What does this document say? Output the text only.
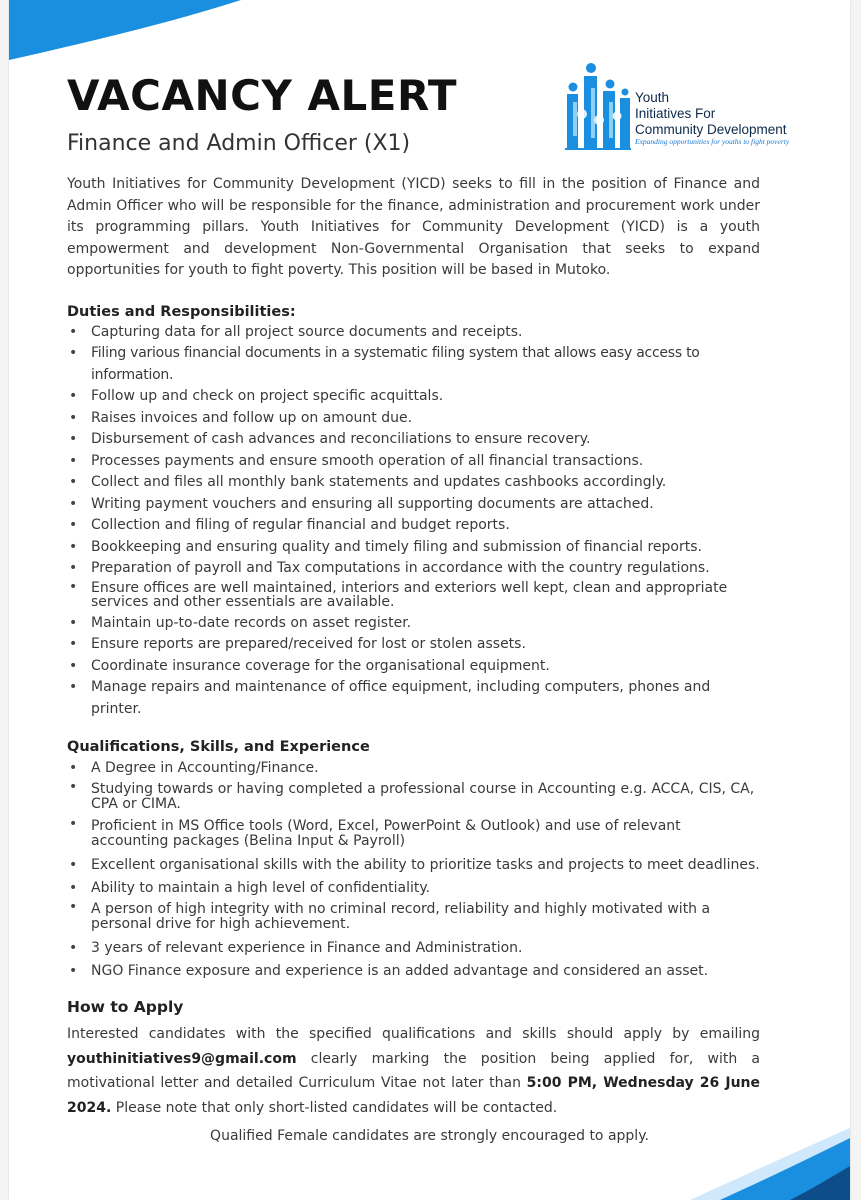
VACANCY ALERT
Finance and Admin Officer (X1)
Youth
Initiatives For
Community Development
Expanding opportunities for youths to fight poverty

Youth Initiatives for Community Development (YICD) seeks to fill in the position of Finance and Admin Officer who will be responsible for the finance, administration and procurement work under its programming pillars. Youth Initiatives for Community Development (YICD) is a youth empowerment and development Non-Governmental Organisation that seeks to expand opportunities for youth to fight poverty. This position will be based in Mutoko.

Duties and Responsibilities:

• Capturing data for all project source documents and receipts.
• Filing various financial documents in a systematic filing system that allows easy access to information.
• Follow up and check on project specific acquittals.
• Raises invoices and follow up on amount due.
• Disbursement of cash advances and reconciliations to ensure recovery.
• Processes payments and ensure smooth operation of all financial transactions.
• Collect and files all monthly bank statements and updates cashbooks accordingly.
• Writing payment vouchers and ensuring all supporting documents are attached.
• Collection and filing of regular financial and budget reports.
• Bookkeeping and ensuring quality and timely filing and submission of financial reports.
• Preparation of payroll and Tax computations in accordance with the country regulations.
• Ensure offices are well maintained, interiors and exteriors well kept, clean and appropriate services and other essentials are available.
• Maintain up-to-date records on asset register.
• Ensure reports are prepared/received for lost or stolen assets.
• Coordinate insurance coverage for the organisational equipment.
• Manage repairs and maintenance of office equipment, including computers, phones and printer.

Qualifications, Skills, and Experience

• A Degree in Accounting/Finance.
• Studying towards or having completed a professional course in Accounting e.g. ACCA, CIS, CA, CPA or CIMA.
• Proficient in MS Office tools (Word, Excel, PowerPoint & Outlook) and use of relevant accounting packages (Belina Input & Payroll)
• Excellent organisational skills with the ability to prioritize tasks and projects to meet deadlines.
• Ability to maintain a high level of confidentiality.
• A person of high integrity with no criminal record, reliability and highly motivated with a personal drive for high achievement.
• 3 years of relevant experience in Finance and Administration.
• NGO Finance exposure and experience is an added advantage and considered an asset.

How to Apply

Interested candidates with the specified qualifications and skills should apply by emailing youthinitiatives9@gmail.com clearly marking the position being applied for, with a motivational letter and detailed Curriculum Vitae not later than 5:00 PM, Wednesday 26 June 2024. Please note that only short-listed candidates will be contacted.

Qualified Female candidates are strongly encouraged to apply.
